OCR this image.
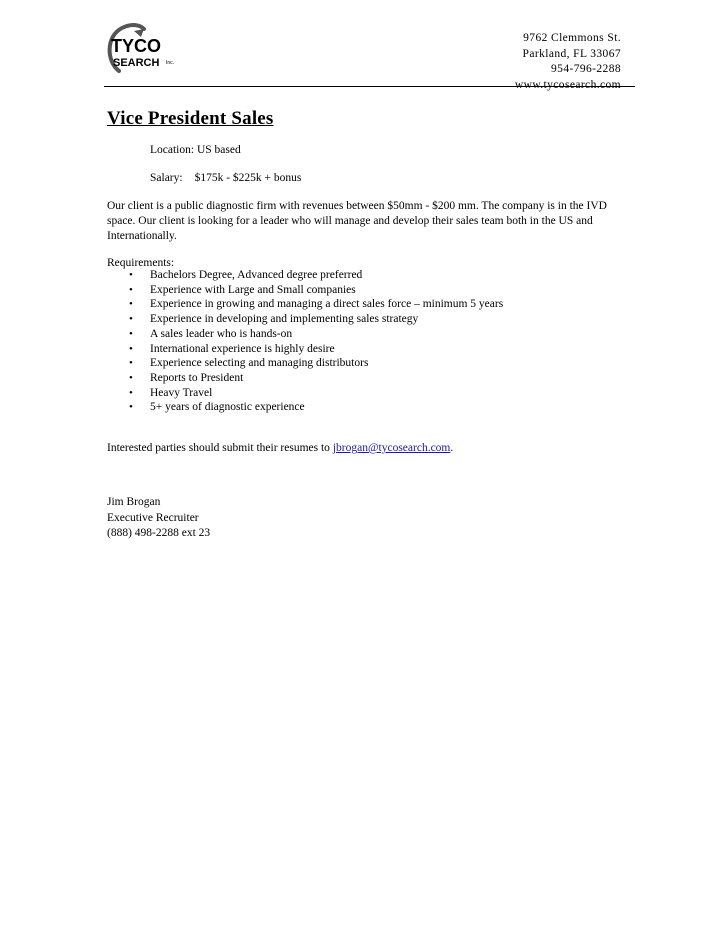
TYCO
SEARCH Inc.
9762 Clemmons St.
Parkland, FL 33067
954-796-2288
www.tycosearch.com
Vice President Sales
Location: US based
Salary: $175k - $225k + bonus
Our client is a public diagnostic firm with revenues between $50mm - $200 mm. The company is in the IVD space. Our client is looking for a leader who will manage and develop their sales team both in the US and Internationally.
Requirements:
• Bachelors Degree, Advanced degree preferred
• Experience with Large and Small companies
• Experience in growing and managing a direct sales force – minimum 5 years
• Experience in developing and implementing sales strategy
• A sales leader who is hands-on
• International experience is highly desire
• Experience selecting and managing distributors
• Reports to President
• Heavy Travel
• 5+ years of diagnostic experience
Interested parties should submit their resumes to jbrogan@tycosearch.com.
Jim Brogan
Executive Recruiter
(888) 498-2288 ext 23
